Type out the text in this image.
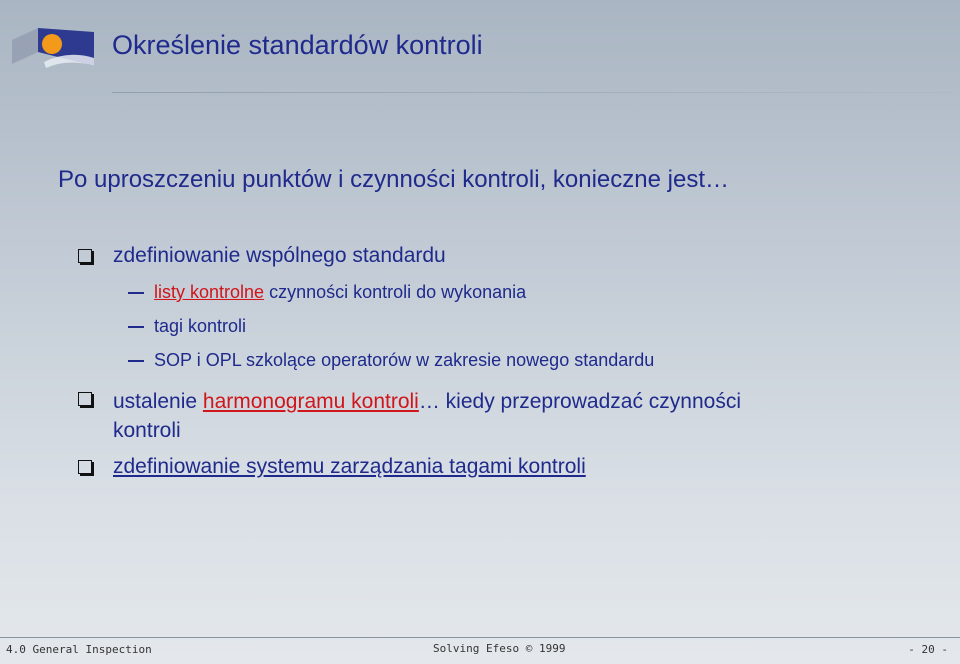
Określenie standardów kontroli
Po uproszczeniu punktów i czynności kontroli, konieczne jest…
zdefiniowanie wspólnego standardu
listy kontrolne czynności kontroli do wykonania
tagi kontroli
SOP i OPL szkolące operatorów w zakresie nowego standardu
ustalenie harmonogramu kontroli… kiedy przeprowadzać czynności
kontroli
zdefiniowanie systemu zarządzania tagami kontroli
4.0 General Inspection	Solving Efeso © 1999	- 20 -
